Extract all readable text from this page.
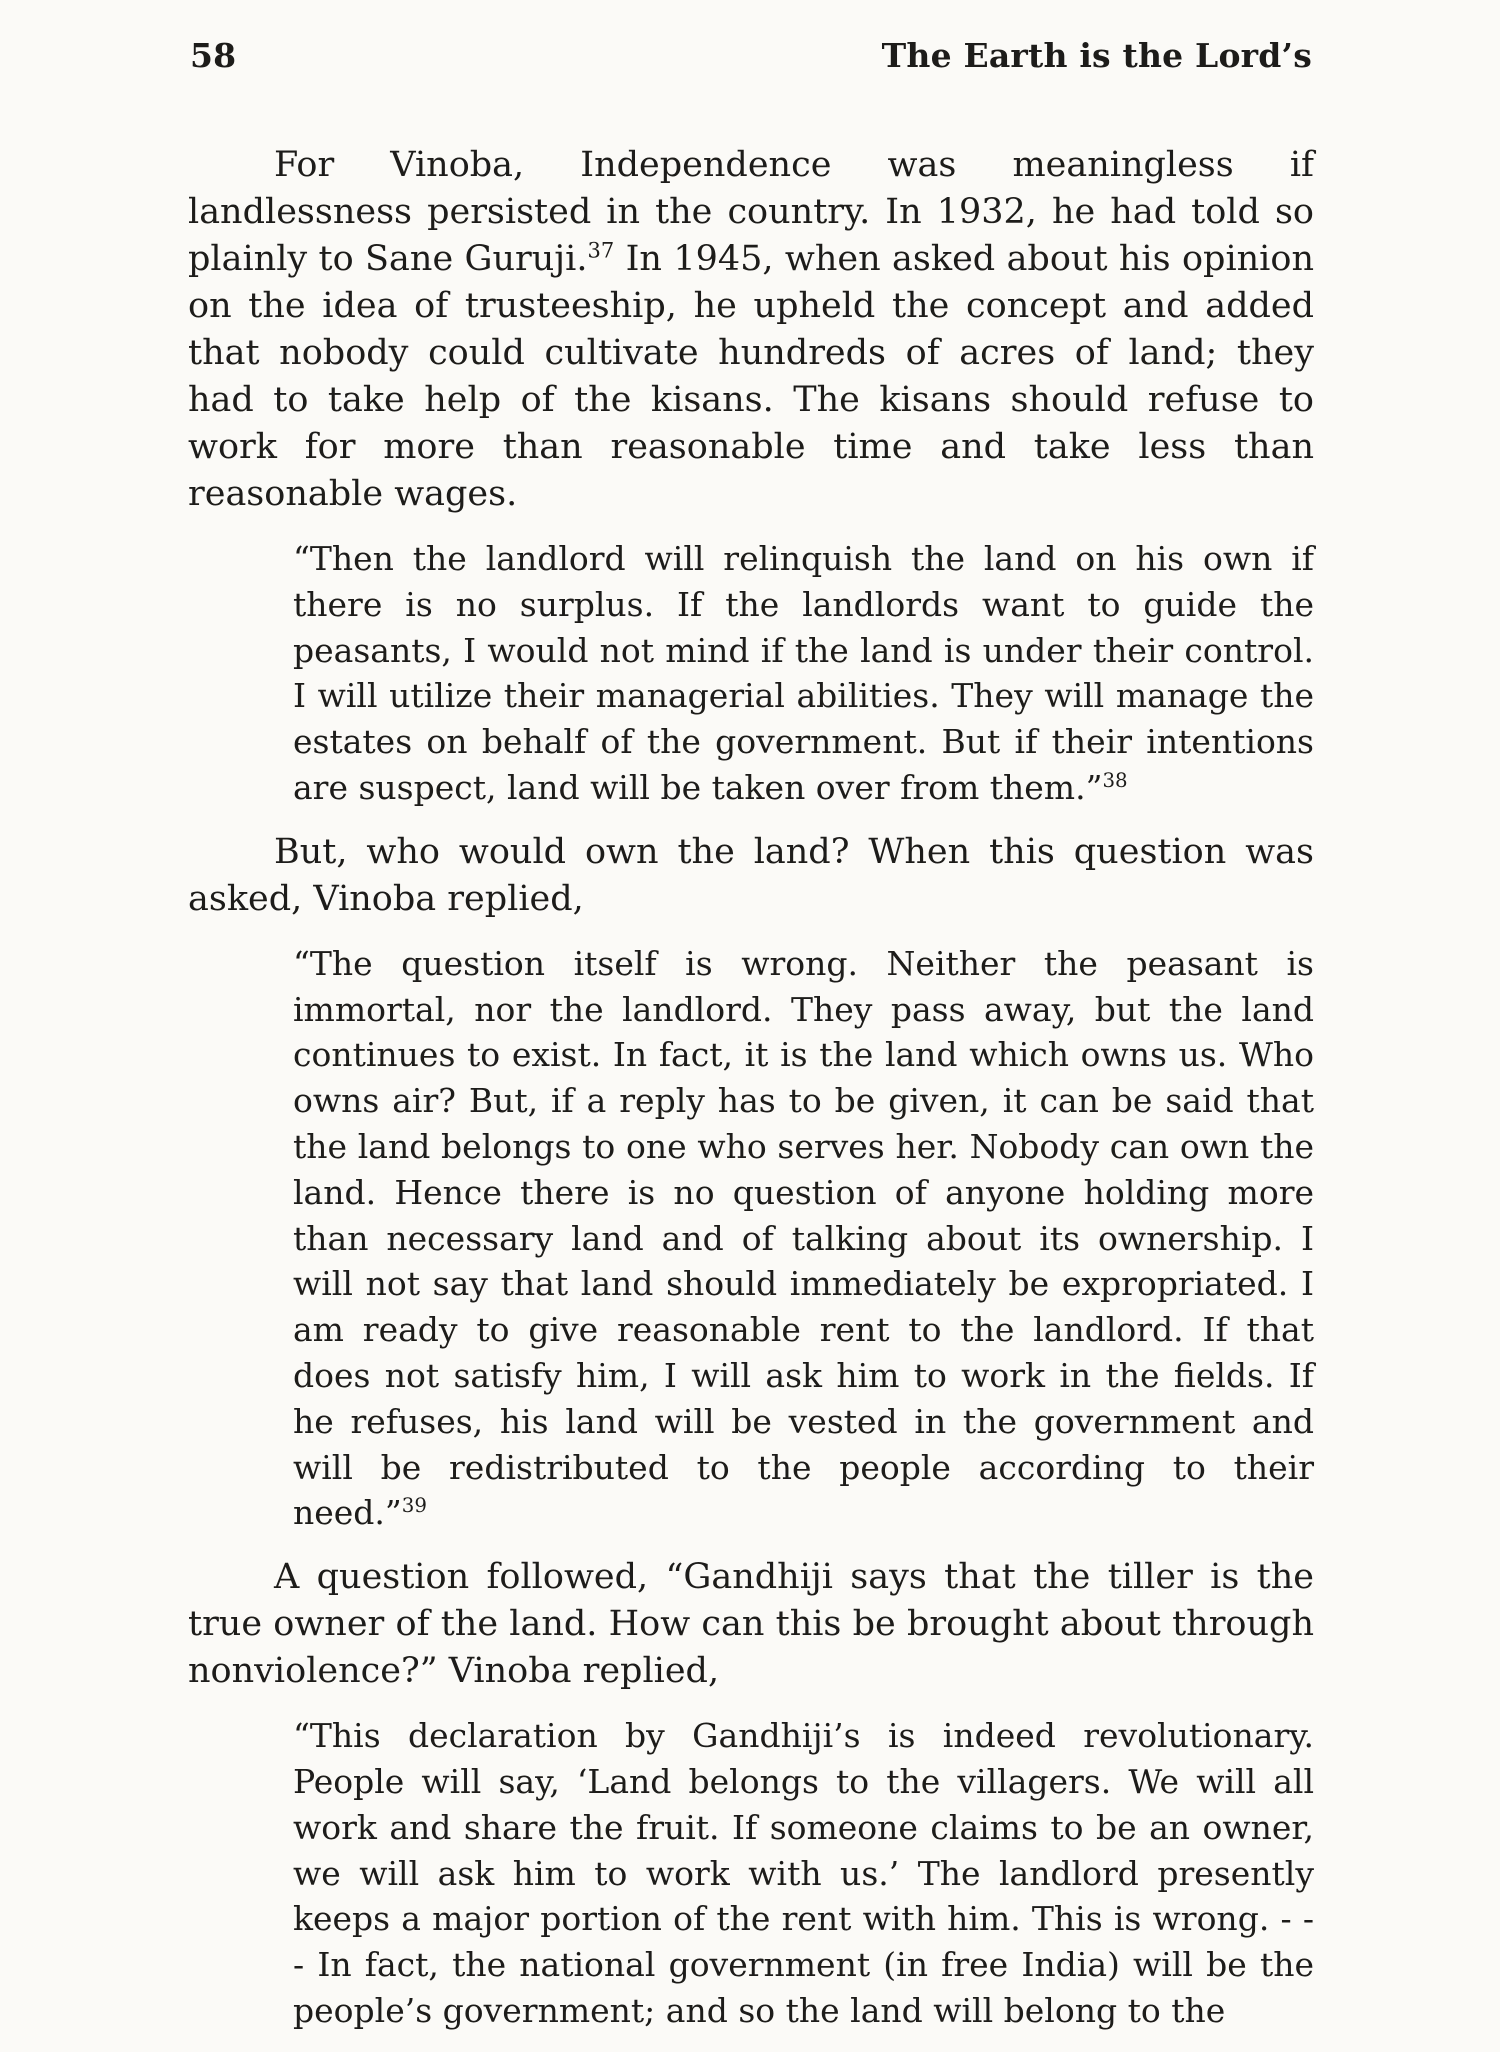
58	The Earth is the Lord’s

For Vinoba, Independence was meaningless if landlessness persisted in the country. In 1932, he had told so plainly to Sane Guruji.$^{37}$ In 1945, when asked about his opinion on the idea of trusteeship, he upheld the concept and added that nobody could cultivate hundreds of acres of land; they had to take help of the kisans. The kisans should refuse to work for more than reasonable time and take less than reasonable wages.

“Then the landlord will relinquish the land on his own if there is no surplus. If the landlords want to guide the peasants, I would not mind if the land is under their control. I will utilize their managerial abilities. They will manage the estates on behalf of the government. But if their intentions are suspect, land will be taken over from them.”$^{38}$

But, who would own the land? When this question was asked, Vinoba replied,

“The question itself is wrong. Neither the peasant is immortal, nor the landlord. They pass away, but the land continues to exist. In fact, it is the land which owns us. Who owns air? But, if a reply has to be given, it can be said that the land belongs to one who serves her. Nobody can own the land. Hence there is no question of anyone holding more than necessary land and of talking about its ownership. I will not say that land should immediately be expropriated. I am ready to give reasonable rent to the landlord. If that does not satisfy him, I will ask him to work in the fields. If he refuses, his land will be vested in the government and will be redistributed to the people according to their need.”$^{39}$

A question followed, “Gandhiji says that the tiller is the true owner of the land. How can this be brought about through nonviolence?” Vinoba replied,

“This declaration by Gandhiji’s is indeed revolutionary. People will say, ‘Land belongs to the villagers. We will all work and share the fruit. If someone claims to be an owner, we will ask him to work with us.’ The landlord presently keeps a major portion of the rent with him. This is wrong. - - - In fact, the national government (in free India) will be the people’s government; and so the land will belong to the
